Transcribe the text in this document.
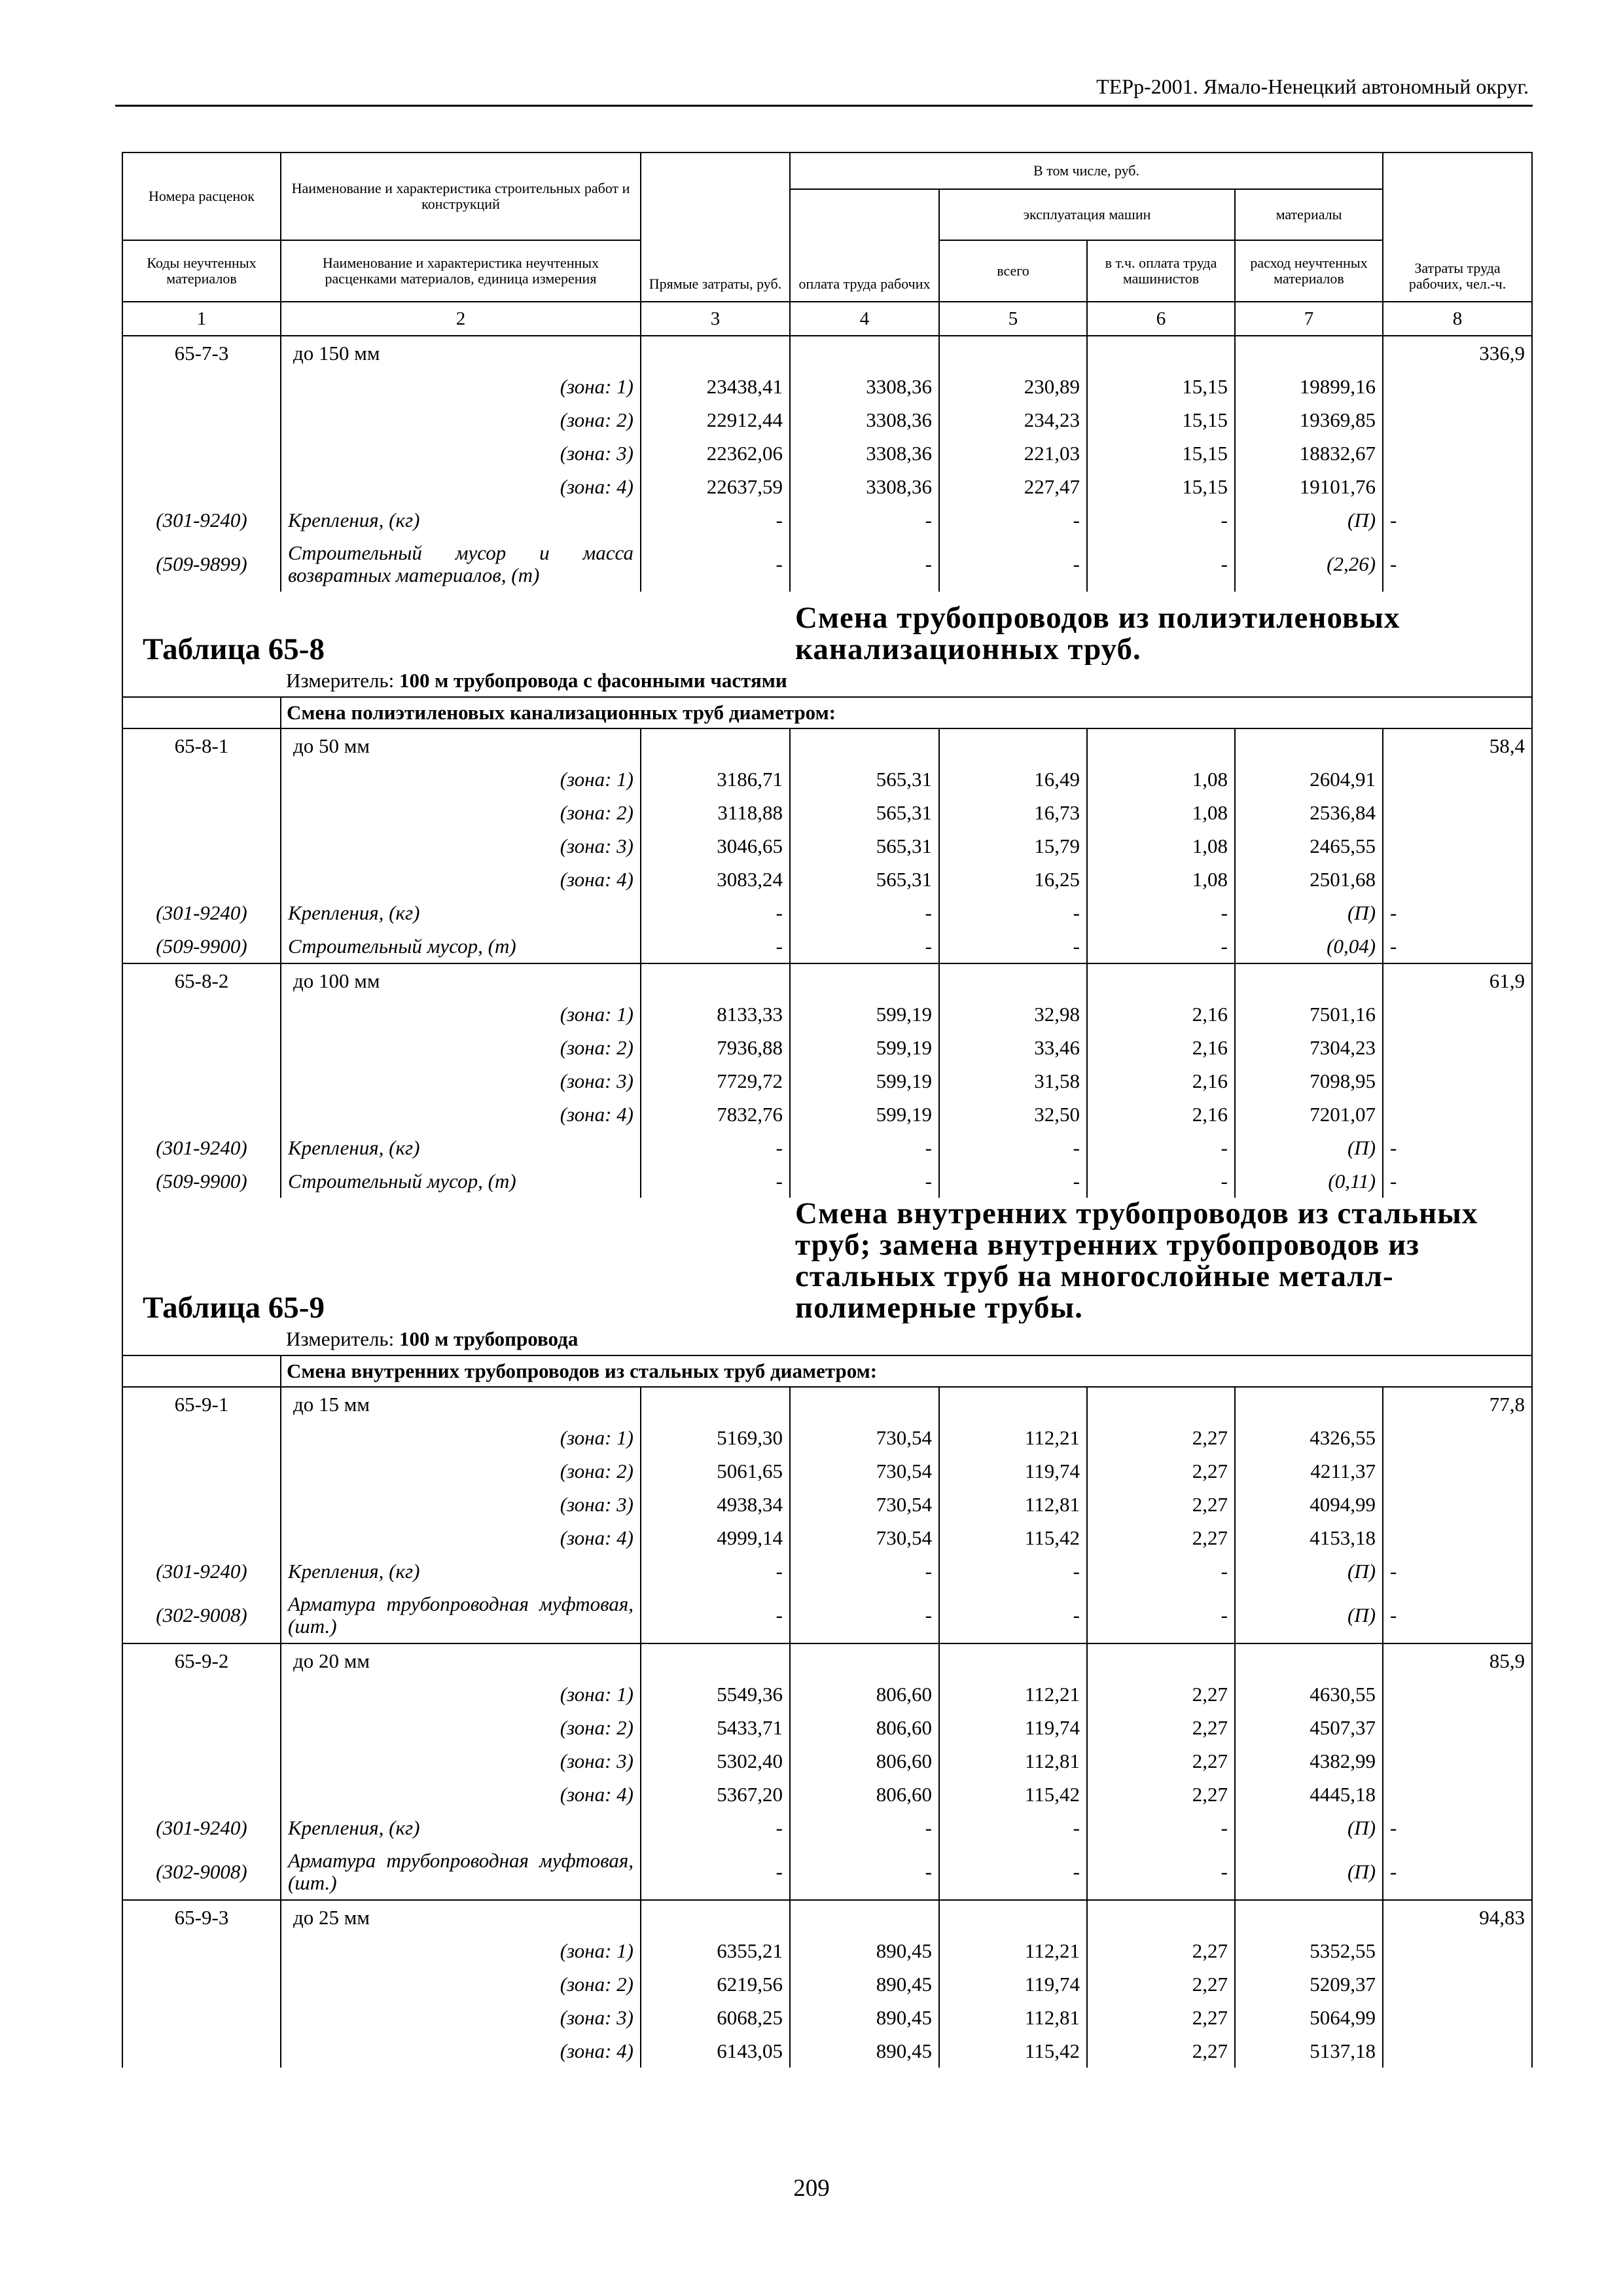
ТЕРр-2001. Ямало-Ненецкий автономный округ.
Номера расценок	Наименование и характеристика строительных работ и конструкций	Прямые затраты, руб.	В том числе, руб.				Затраты труда рабочих, чел.-ч.
			оплата труда рабочих	эксплуатация машин		материалы	
Коды неучтенных материалов	Наименование и характеристика неучтенных расценками материалов, единица измерения			всего	в т.ч. оплата труда машинистов	расход неучтенных материалов	
1	2	3	4	5	6	7	8
65-7-3	до 150 мм						336,9
	(зона: 1)	23438,41	3308,36	230,89	15,15	19899,16	
	(зона: 2)	22912,44	3308,36	234,23	15,15	19369,85	
	(зона: 3)	22362,06	3308,36	221,03	15,15	18832,67	
	(зона: 4)	22637,59	3308,36	227,47	15,15	19101,76	
(301-9240)	Крепления, (кг)	-	-	-	-	(П)	-
(509-9899)	Строительный мусор и масса возвратных материалов, (т)	-	-	-	-	(2,26)	-
Таблица 65-8			Смена трубопроводов из полиэтиленовых канализационных труб.				
	Измеритель: 100 м трубопровода с фасонными частями						
	Смена полиэтиленовых канализационных труб диаметром:						
65-8-1	до 50 мм						58,4
	(зона: 1)	3186,71	565,31	16,49	1,08	2604,91	
	(зона: 2)	3118,88	565,31	16,73	1,08	2536,84	
	(зона: 3)	3046,65	565,31	15,79	1,08	2465,55	
	(зона: 4)	3083,24	565,31	16,25	1,08	2501,68	
(301-9240)	Крепления, (кг)	-	-	-	-	(П)	-
(509-9900)	Строительный мусор, (т)	-	-	-	-	(0,04)	-
65-8-2	до 100 мм						61,9
	(зона: 1)	8133,33	599,19	32,98	2,16	7501,16	
	(зона: 2)	7936,88	599,19	33,46	2,16	7304,23	
	(зона: 3)	7729,72	599,19	31,58	2,16	7098,95	
	(зона: 4)	7832,76	599,19	32,50	2,16	7201,07	
(301-9240)	Крепления, (кг)	-	-	-	-	(П)	-
(509-9900)	Строительный мусор, (т)	-	-	-	-	(0,11)	-
Таблица 65-9			Смена внутренних трубопроводов из стальных труб; замена внутренних трубопроводов из стальных труб на многослойные металл-полимерные трубы.				
	Измеритель: 100 м трубопровода						
	Смена внутренних трубопроводов из стальных труб диаметром:						
65-9-1	до 15 мм						77,8
	(зона: 1)	5169,30	730,54	112,21	2,27	4326,55	
	(зона: 2)	5061,65	730,54	119,74	2,27	4211,37	
	(зона: 3)	4938,34	730,54	112,81	2,27	4094,99	
	(зона: 4)	4999,14	730,54	115,42	2,27	4153,18	
(301-9240)	Крепления, (кг)	-	-	-	-	(П)	-
(302-9008)	Арматура трубопроводная муфтовая, (шт.)	-	-	-	-	(П)	-
65-9-2	до 20 мм						85,9
	(зона: 1)	5549,36	806,60	112,21	2,27	4630,55	
	(зона: 2)	5433,71	806,60	119,74	2,27	4507,37	
	(зона: 3)	5302,40	806,60	112,81	2,27	4382,99	
	(зона: 4)	5367,20	806,60	115,42	2,27	4445,18	
(301-9240)	Крепления, (кг)	-	-	-	-	(П)	-
(302-9008)	Арматура трубопроводная муфтовая, (шт.)	-	-	-	-	(П)	-
65-9-3	до 25 мм						94,83
	(зона: 1)	6355,21	890,45	112,21	2,27	5352,55	
	(зона: 2)	6219,56	890,45	119,74	2,27	5209,37	
	(зона: 3)	6068,25	890,45	112,81	2,27	5064,99	
	(зона: 4)	6143,05	890,45	115,42	2,27	5137,18	
209
